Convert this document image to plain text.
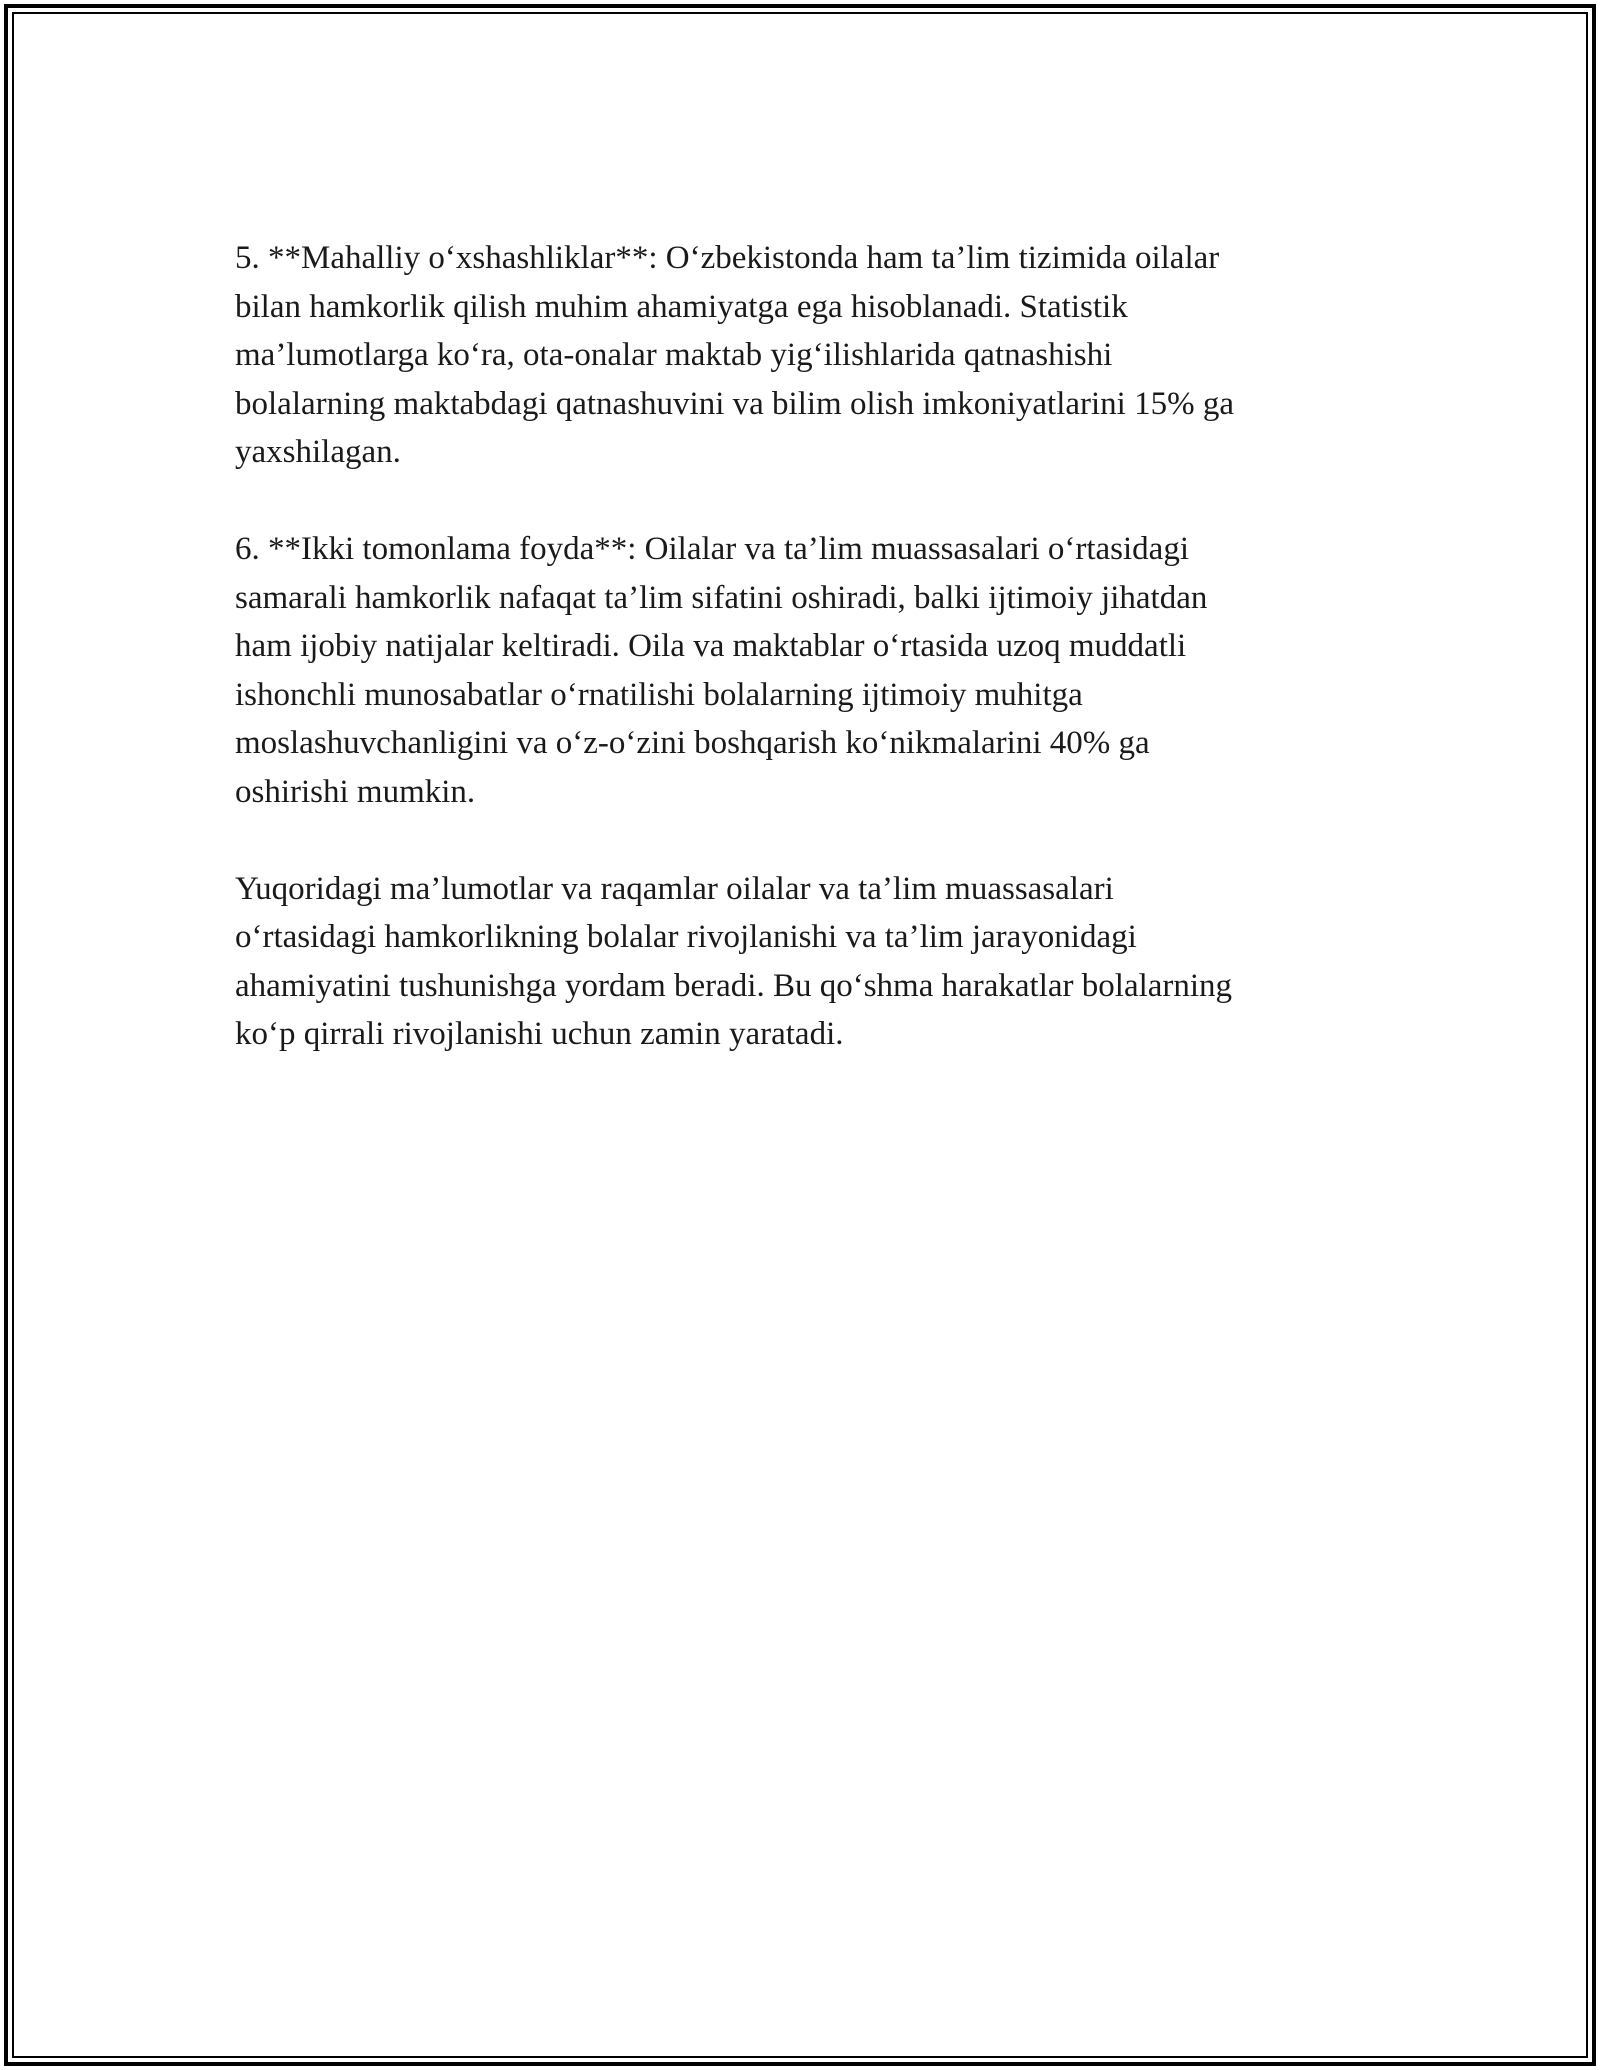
5. **Mahalliy o‘xshashliklar**: O‘zbekistonda ham ta’lim tizimida oilalar
bilan hamkorlik qilish muhim ahamiyatga ega hisoblanadi. Statistik
ma’lumotlarga ko‘ra, ota-onalar maktab yig‘ilishlarida qatnashishi
bolalarning maktabdagi qatnashuvini va bilim olish imkoniyatlarini 15% ga
yaxshilagan.

6. **Ikki tomonlama foyda**: Oilalar va ta’lim muassasalari o‘rtasidagi
samarali hamkorlik nafaqat ta’lim sifatini oshiradi, balki ijtimoiy jihatdan
ham ijobiy natijalar keltiradi. Oila va maktablar o‘rtasida uzoq muddatli
ishonchli munosabatlar o‘rnatilishi bolalarning ijtimoiy muhitga
moslashuvchanligini va o‘z-o‘zini boshqarish ko‘nikmalarini 40% ga
oshirishi mumkin.

Yuqoridagi ma’lumotlar va raqamlar oilalar va ta’lim muassasalari
o‘rtasidagi hamkorlikning bolalar rivojlanishi va ta’lim jarayonidagi
ahamiyatini tushunishga yordam beradi. Bu qo‘shma harakatlar bolalarning
ko‘p qirrali rivojlanishi uchun zamin yaratadi.
